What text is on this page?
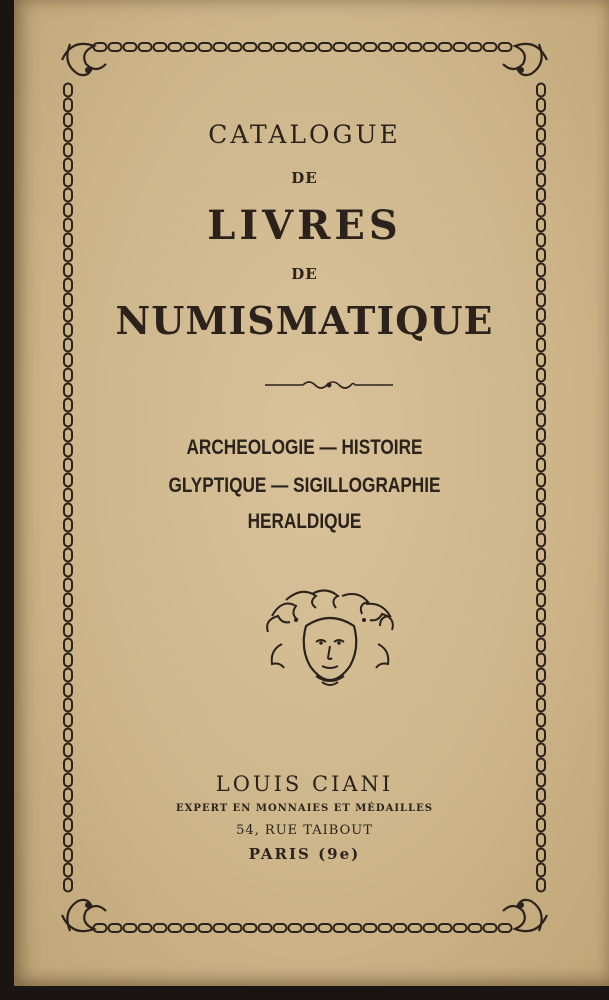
CATALOGUE
DE
LIVRES
DE
NUMISMATIQUE
ARCHEOLOGIE — HISTOIRE
GLYPTIQUE — SIGILLOGRAPHIE
HERALDIQUE
LOUIS CIANI
EXPERT EN MONNAIES ET MÉDAILLES
54, RUE TAIBOUT
PARIS (9e)
